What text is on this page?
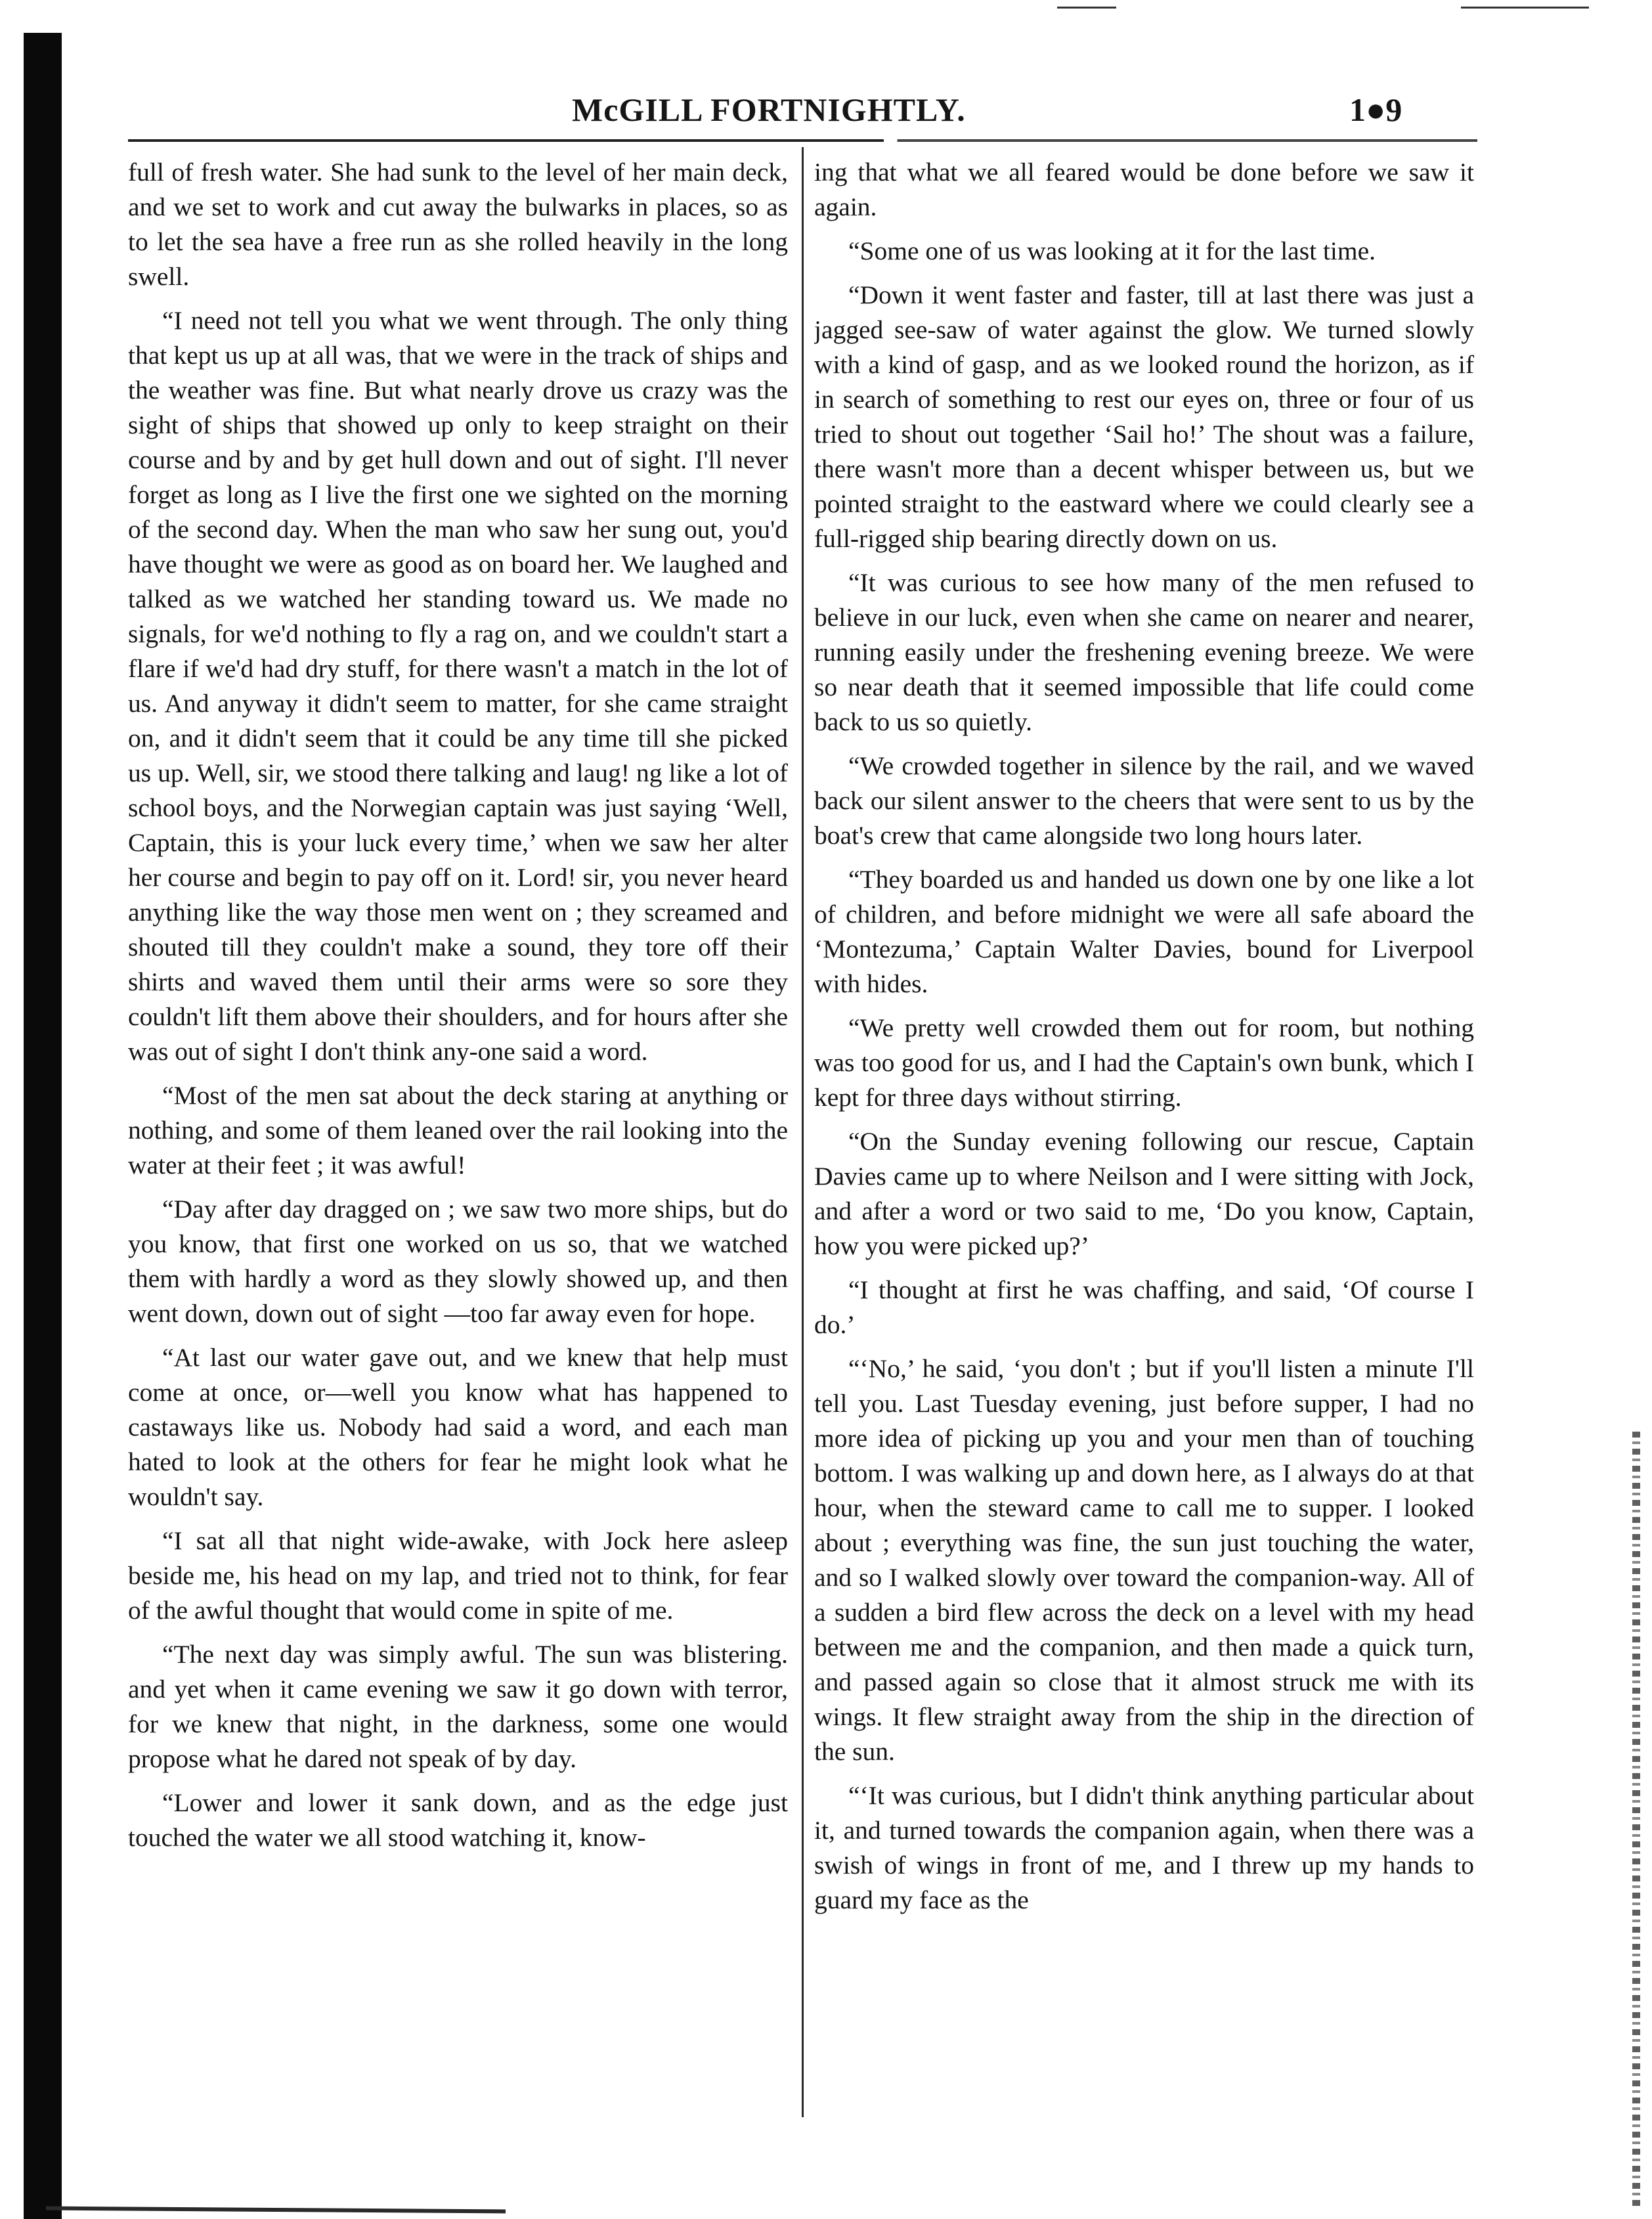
McGILL FORTNIGHTLY.	1●9

full of fresh water. She had sunk to the level of her main deck, and we set to work and cut away the bulwarks in places, so as to let the sea have a free run as she rolled heavily in the long swell.

“I need not tell you what we went through. The only thing that kept us up at all was, that we were in the track of ships and the weather was fine. But what nearly drove us crazy was the sight of ships that showed up only to keep straight on their course and by and by get hull down and out of sight. I'll never forget as long as I live the first one we sighted on the morning of the second day. When the man who saw her sung out, you'd have thought we were as good as on board her. We laughed and talked as we watched her standing toward us. We made no signals, for we'd nothing to fly a rag on, and we couldn't start a flare if we'd had dry stuff, for there wasn't a match in the lot of us. And anyway it didn't seem to matter, for she came straight on, and it didn't seem that it could be any time till she picked us up. Well, sir, we stood there talking and laug! ng like a lot of school boys, and the Norwegian captain was just saying ‘Well, Captain, this is your luck every time,’ when we saw her alter her course and begin to pay off on it. Lord! sir, you never heard anything like the way those men went on ; they screamed and shouted till they couldn't make a sound, they tore off their shirts and waved them until their arms were so sore they couldn't lift them above their shoulders, and for hours after she was out of sight I don't think any-one said a word.

“Most of the men sat about the deck staring at anything or nothing, and some of them leaned over the rail looking into the water at their feet ; it was awful!

“Day after day dragged on ; we saw two more ships, but do you know, that first one worked on us so, that we watched them with hardly a word as they slowly showed up, and then went down, down out of sight —too far away even for hope.

“At last our water gave out, and we knew that help must come at once, or—well you know what has happened to castaways like us. Nobody had said a word, and each man hated to look at the others for fear he might look what he wouldn't say.

“I sat all that night wide-awake, with Jock here asleep beside me, his head on my lap, and tried not to think, for fear of the awful thought that would come in spite of me.

“The next day was simply awful. The sun was blistering. and yet when it came evening we saw it go down with terror, for we knew that night, in the darkness, some one would propose what he dared not speak of by day.

“Lower and lower it sank down, and as the edge just touched the water we all stood watching it, know-

ing that what we all feared would be done before we saw it again.

“Some one of us was looking at it for the last time.

“Down it went faster and faster, till at last there was just a jagged see-saw of water against the glow. We turned slowly with a kind of gasp, and as we looked round the horizon, as if in search of something to rest our eyes on, three or four of us tried to shout out together ‘Sail ho!’ The shout was a failure, there wasn't more than a decent whisper between us, but we pointed straight to the eastward where we could clearly see a full-rigged ship bearing directly down on us.

“It was curious to see how many of the men refused to believe in our luck, even when she came on nearer and nearer, running easily under the freshening evening breeze. We were so near death that it seemed impossible that life could come back to us so quietly.

“We crowded together in silence by the rail, and we waved back our silent answer to the cheers that were sent to us by the boat's crew that came alongside two long hours later.

“They boarded us and handed us down one by one like a lot of children, and before midnight we were all safe aboard the ‘Montezuma,’ Captain Walter Davies, bound for Liverpool with hides.

“We pretty well crowded them out for room, but nothing was too good for us, and I had the Captain's own bunk, which I kept for three days without stirring.

“On the Sunday evening following our rescue, Captain Davies came up to where Neilson and I were sitting with Jock, and after a word or two said to me, ‘Do you know, Captain, how you were picked up?’

“I thought at first he was chaffing, and said, ‘Of course I do.’

“‘No,’ he said, ‘you don't ; but if you'll listen a minute I'll tell you. Last Tuesday evening, just before supper, I had no more idea of picking up you and your men than of touching bottom. I was walking up and down here, as I always do at that hour, when the steward came to call me to supper. I looked about ; everything was fine, the sun just touching the water, and so I walked slowly over toward the companion-way. All of a sudden a bird flew across the deck on a level with my head between me and the companion, and then made a quick turn, and passed again so close that it almost struck me with its wings. It flew straight away from the ship in the direction of the sun.

“‘It was curious, but I didn't think anything particular about it, and turned towards the companion again, when there was a swish of wings in front of me, and I threw up my hands to guard my face as the
